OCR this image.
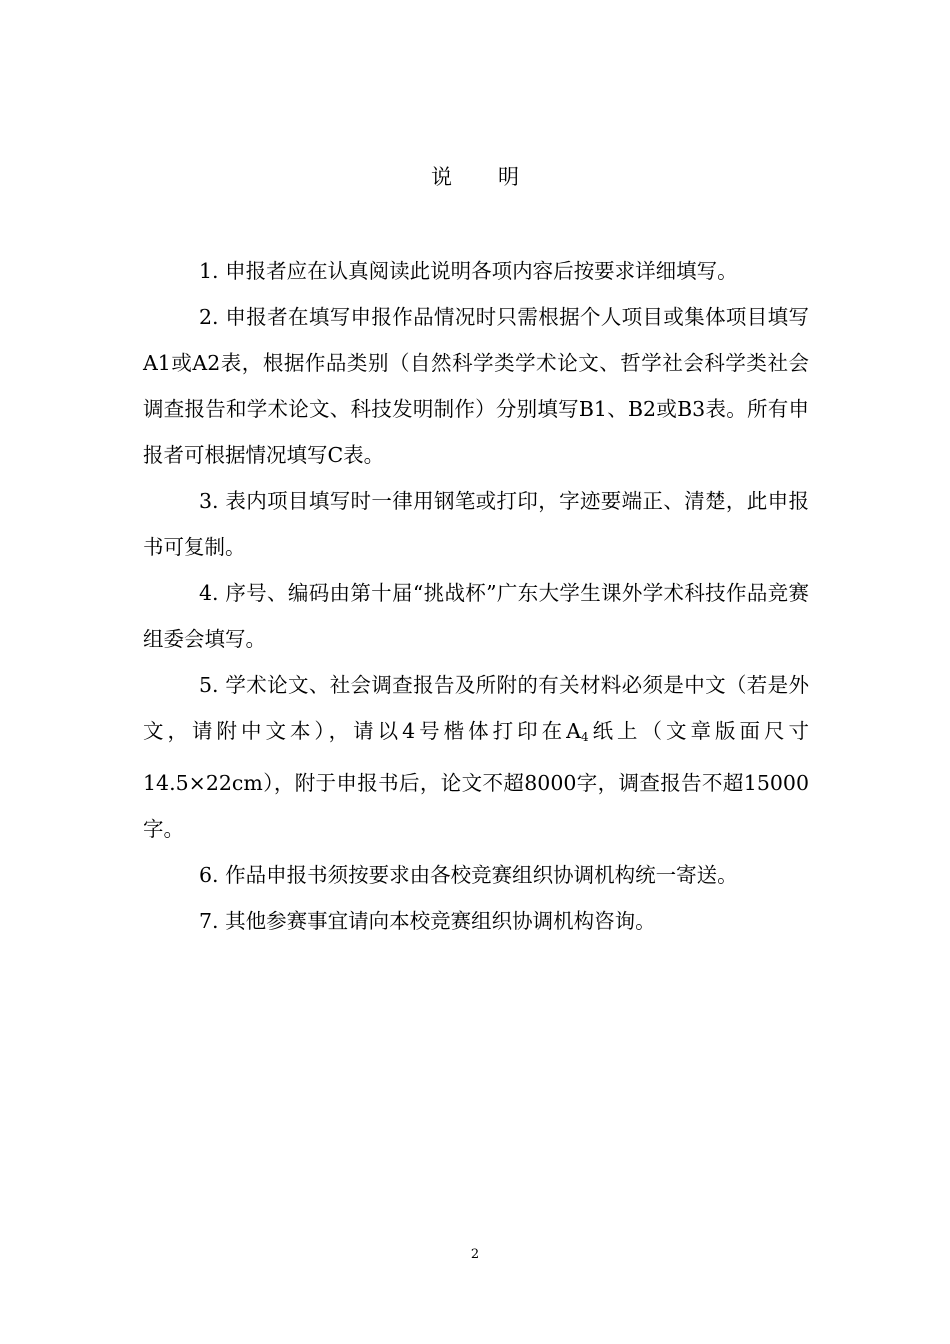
说明

1. 申报者应在认真阅读此说明各项内容后按要求详细填写。

2. 申报者在填写申报作品情况时只需根据个人项目或集体项目填写A1或A2表，根据作品类别（自然科学类学术论文、哲学社会科学类社会调查报告和学术论文、科技发明制作）分别填写B1、B2或B3表。所有申报者可根据情况填写C表。

3. 表内项目填写时一律用钢笔或打印，字迹要端正、清楚，此申报书可复制。

4. 序号、编码由第十届“挑战杯”广东大学生课外学术科技作品竞赛组委会填写。

5. 学术论文、社会调查报告及所附的有关材料必须是中文（若是外文，请附中文本），请以4号楷体打印在$A_4$纸上（文章版面尺寸14.5×22cm），附于申报书后，论文不超8000字，调查报告不超15000字。

6. 作品申报书须按要求由各校竞赛组织协调机构统一寄送。

7. 其他参赛事宜请向本校竞赛组织协调机构咨询。

2
